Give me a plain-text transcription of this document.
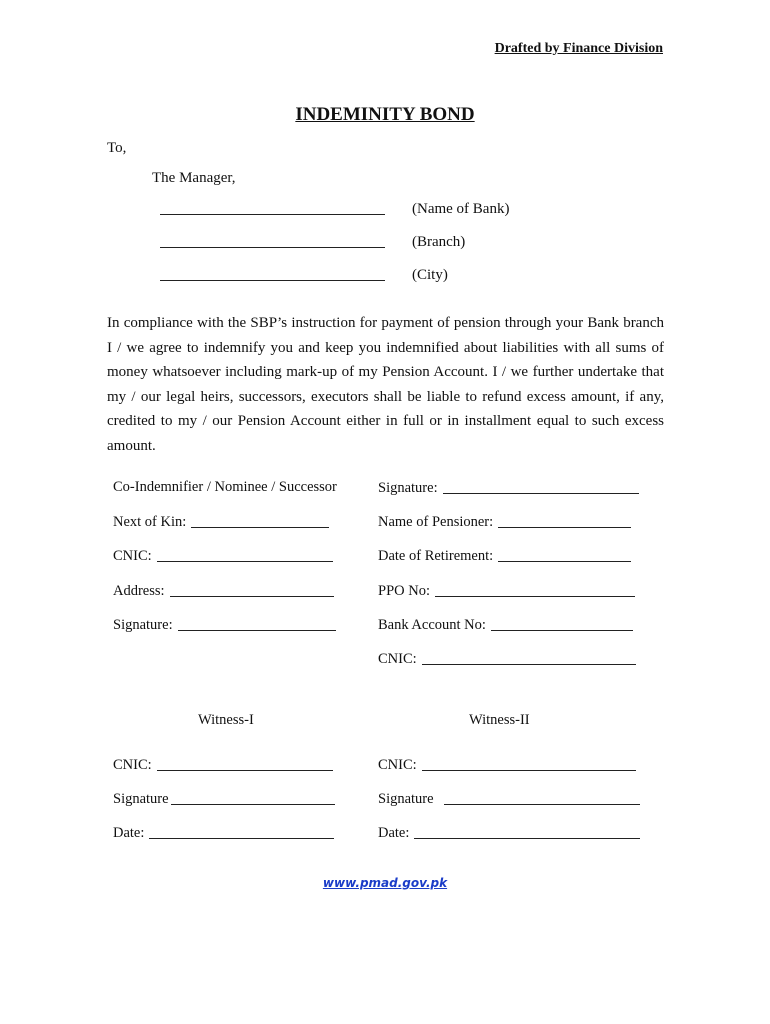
Drafted by Finance Division
INDEMINITY BOND
To,
The Manager,
(Name of Bank)
(Branch)
(City)
In compliance with the SBP’s instruction for payment of pension through your Bank branch I / we agree to indemnify you and keep you indemnified about liabilities with all sums of money whatsoever including mark-up of my Pension Account. I / we further undertake that my / our legal heirs, successors, executors shall be liable to refund excess amount, if any, credited to my / our Pension Account either in full or in installment equal to such excess amount.
Co-Indemnifier / Nominee / Successor
Next of Kin:
CNIC:
Address:
Signature:
Signature:
Name of Pensioner:
Date of Retirement:
PPO No:
Bank Account No:
CNIC:
Witness-I	Witness-II
CNIC:
Signature
Date:
CNIC:
Signature
Date:
www.pmad.gov.pk
